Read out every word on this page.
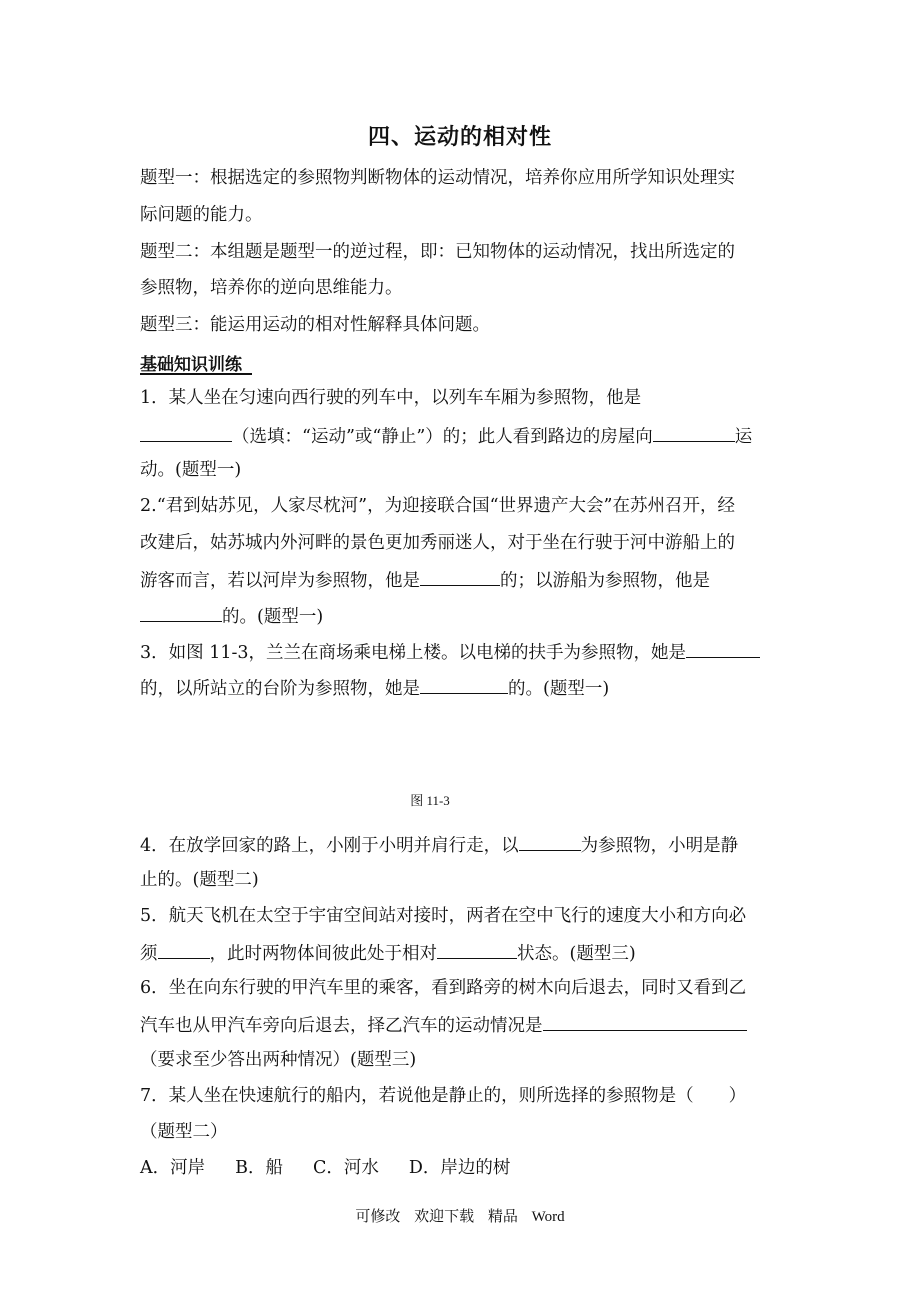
四、运动的相对性
题型一：根据选定的参照物判断物体的运动情况，培养你应用所学知识处理实
际问题的能力。
题型二：本组题是题型一的逆过程，即：已知物体的运动情况，找出所选定的
参照物，培养你的逆向思维能力。
题型三：能运用运动的相对性解释具体问题。
基础知识训练
1．某人坐在匀速向西行驶的列车中，以列车车厢为参照物，他是
（选填：“运动”或“静止”）的；此人看到路边的房屋向	运
动。(题型一)
2.“君到姑苏见，人家尽枕河”，为迎接联合国“世界遗产大会”在苏州召开，经
改建后，姑苏城内外河畔的景色更加秀丽迷人，对于坐在行驶于河中游船上的
游客而言，若以河岸为参照物，他是	的；以游船为参照物，他是
的。(题型一)
3．如图 11-3，兰兰在商场乘电梯上楼。以电梯的扶手为参照物，她是
的，以所站立的台阶为参照物，她是	的。(题型一)
图 11-3
4．在放学回家的路上，小刚于小明并肩行走，以	为参照物，小明是静
止的。(题型二)
5．航天飞机在太空于宇宙空间站对接时，两者在空中飞行的速度大小和方向必
须	，此时两物体间彼此处于相对	状态。(题型三)
6．坐在向东行驶的甲汽车里的乘客，看到路旁的树木向后退去，同时又看到乙
汽车也从甲汽车旁向后退去，择乙汽车的运动情况是
（要求至少答出两种情况）(题型三)
7．某人坐在快速航行的船内，若说他是静止的，则所选择的参照物是（　　）
（题型二）
A．河岸 B．船 C．河水 D．岸边的树
可修改 欢迎下载 精品 Word
